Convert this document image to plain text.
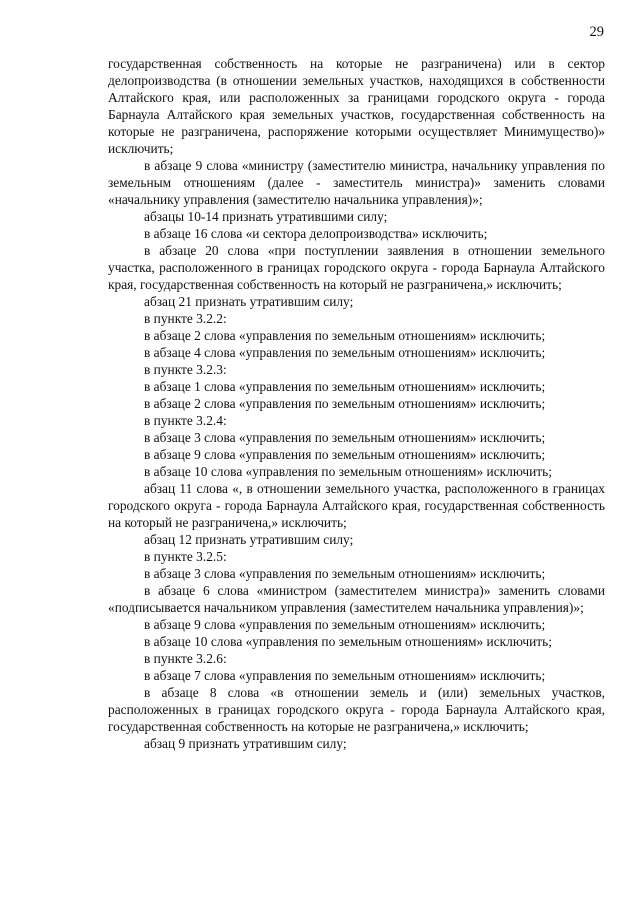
29

государственная собственность на которые не разграничена) или в сектор делопроизводства (в отношении земельных участков, находящихся в собственности Алтайского края, или расположенных за границами городского округа - города Барнаула Алтайского края земельных участков, государственная собственность на которые не разграничена, распоряжение которыми осуществляет Минимущество)» исключить;

в абзаце 9 слова «министру (заместителю министра, начальнику управления по земельным отношениям (далее - заместитель министра)» заменить словами «начальнику управления (заместителю начальника управления)»;

абзацы 10-14 признать утратившими силу;

в абзаце 16 слова «и сектора делопроизводства» исключить;

в абзаце 20 слова «при поступлении заявления в отношении земельного участка, расположенного в границах городского округа - города Барнаула Алтайского края, государственная собственность на который не разграничена,» исключить;

абзац 21 признать утратившим силу;

в пункте 3.2.2:

в абзаце 2 слова «управления по земельным отношениям» исключить;

в абзаце 4 слова «управления по земельным отношениям» исключить;

в пункте 3.2.3:

в абзаце 1 слова «управления по земельным отношениям» исключить;

в абзаце 2 слова «управления по земельным отношениям» исключить;

в пункте 3.2.4:

в абзаце 3 слова «управления по земельным отношениям» исключить;

в абзаце 9 слова «управления по земельным отношениям» исключить;

в абзаце 10 слова «управления по земельным отношениям» исключить;

абзац 11 слова «, в отношении земельного участка, расположенного в границах городского округа - города Барнаула Алтайского края, государственная собственность на который не разграничена,» исключить;

абзац 12 признать утратившим силу;

в пункте 3.2.5:

в абзаце 3 слова «управления по земельным отношениям» исключить;

в абзаце 6 слова «министром (заместителем министра)» заменить словами «подписывается начальником управления (заместителем начальника управления)»;

в абзаце 9 слова «управления по земельным отношениям» исключить;

в абзаце 10 слова «управления по земельным отношениям» исключить;

в пункте 3.2.6:

в абзаце 7 слова «управления по земельным отношениям» исключить;

в абзаце 8 слова «в отношении земель и (или) земельных участков, расположенных в границах городского округа - города Барнаула Алтайского края, государственная собственность на которые не разграничена,» исключить;

абзац 9 признать утратившим силу;
